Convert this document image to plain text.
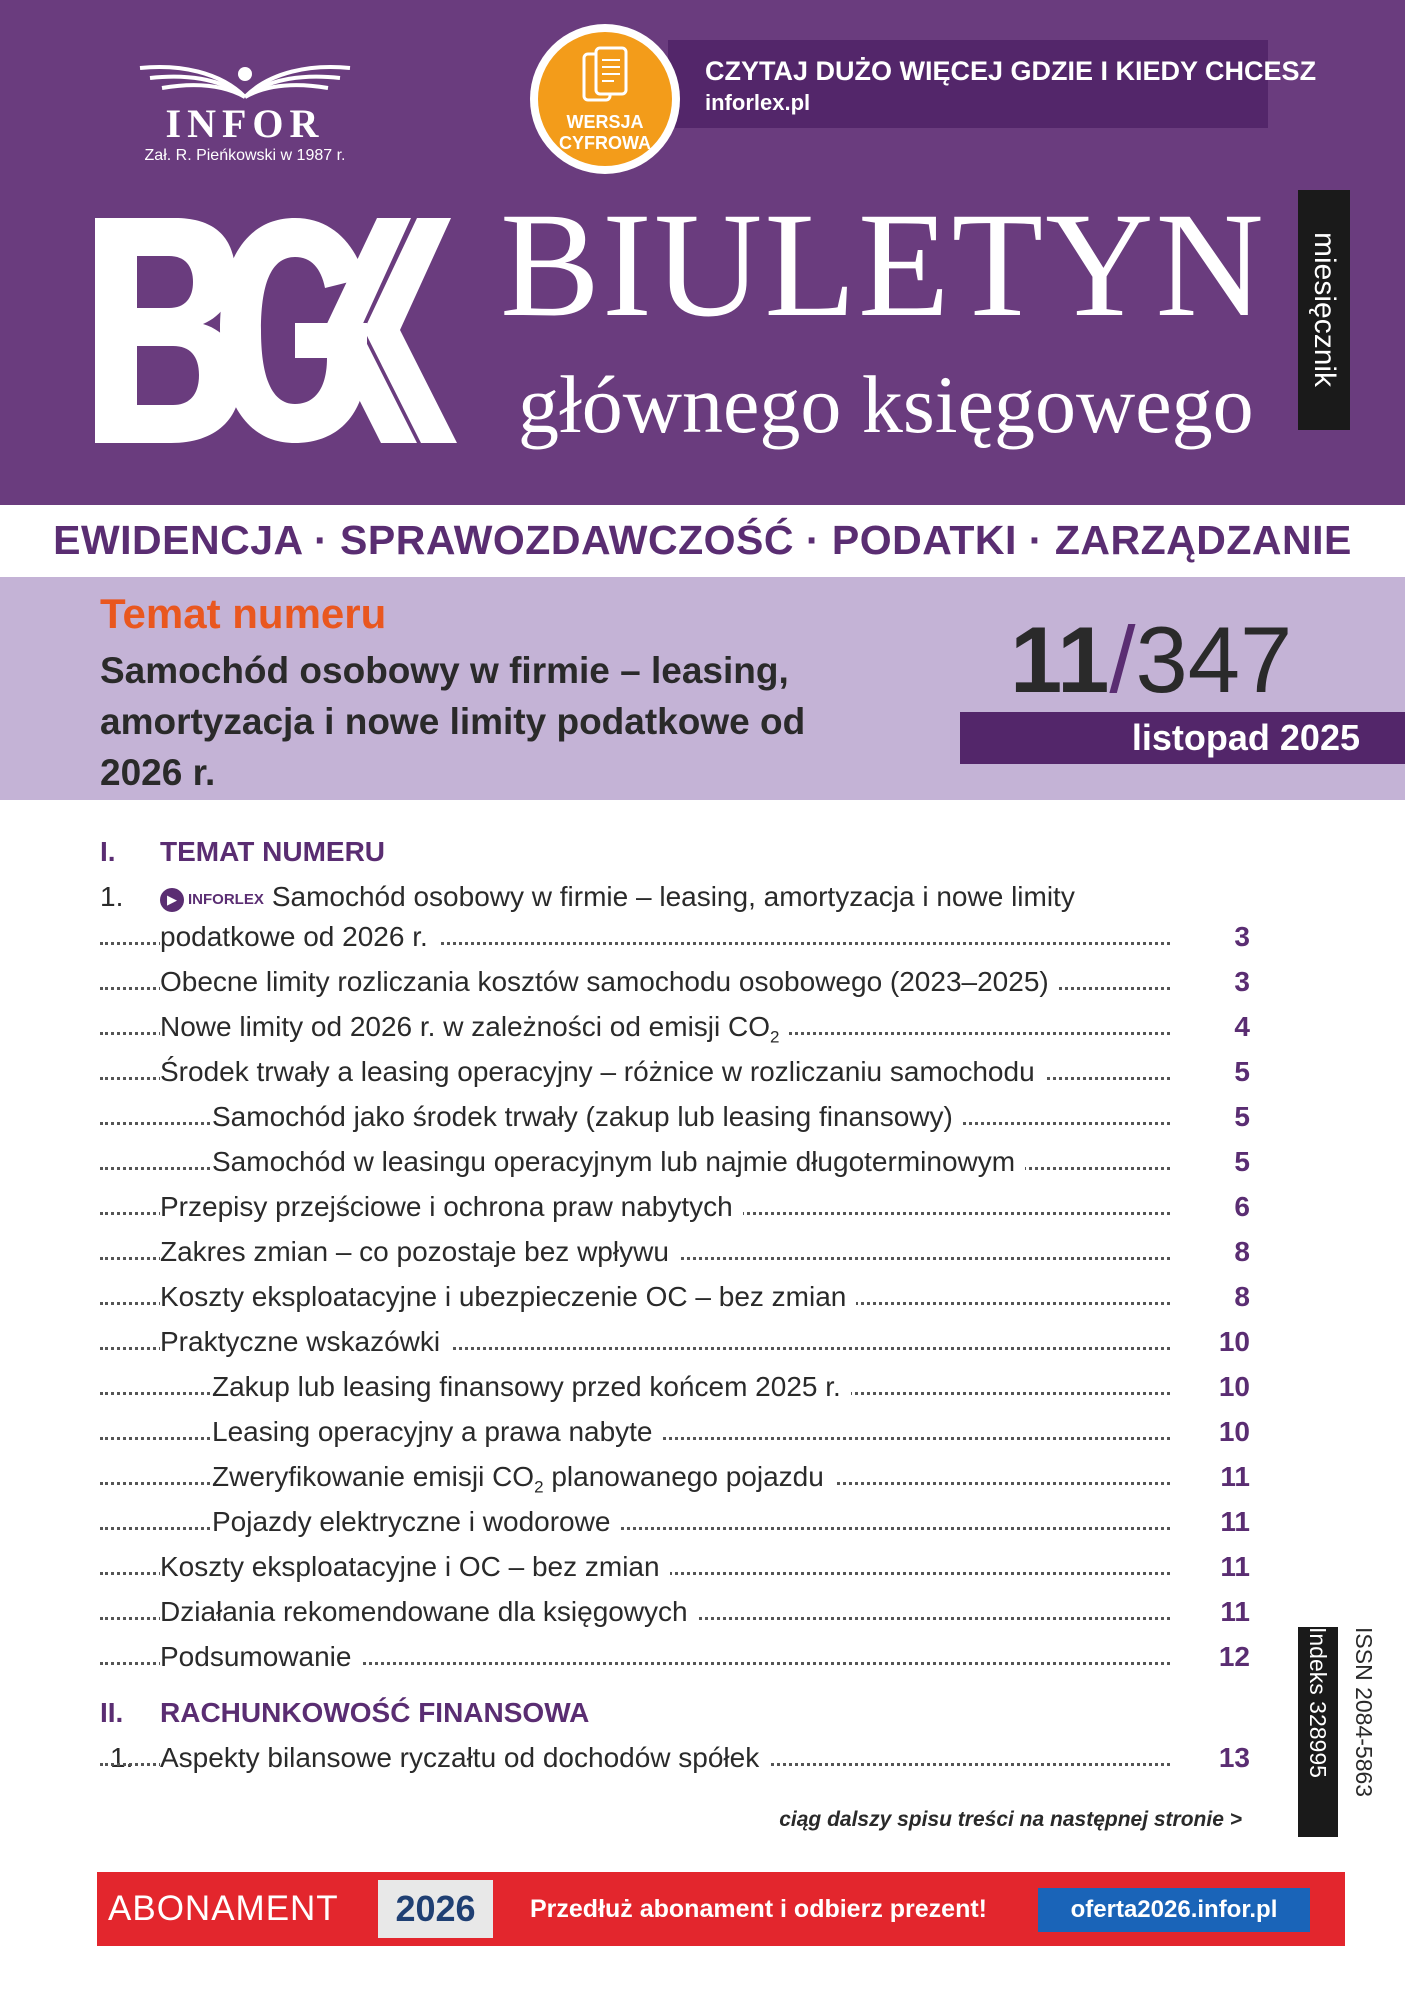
INFOR
Zał. R. Pieńkowski w 1987 r.
CZYTAJ DUŻO WIĘCEJ GDZIE I KIEDY CHCESZ
inforlex.pl
WERSJA
CYFROWA
BIULETYN
głównego księgowego
miesięcznik
EWIDENCJA · SPRAWOZDAWCZOŚĆ · PODATKI · ZARZĄDZANIE
Temat numeru
Samochód osobowy w firmie – leasing, amortyzacja i nowe limity podatkowe od 2026 r.
11/347
listopad 2025
I. TEMAT NUMERU
1.	▶ INFORLEX Samochód osobowy w firmie – leasing, amortyzacja i nowe limity
podatkowe od 2026 r.	3
Obecne limity rozliczania kosztów samochodu osobowego (2023–2025)	3
Nowe limity od 2026 r. w zależności od emisji $CO_2$	4
Środek trwały a leasing operacyjny – różnice w rozliczaniu samochodu	5
Samochód jako środek trwały (zakup lub leasing finansowy)	5
Samochód w leasingu operacyjnym lub najmie długoterminowym	5
Przepisy przejściowe i ochrona praw nabytych	6
Zakres zmian – co pozostaje bez wpływu	8
Koszty eksploatacyjne i ubezpieczenie OC – bez zmian	8
Praktyczne wskazówki	10
Zakup lub leasing finansowy przed końcem 2025 r.	10
Leasing operacyjny a prawa nabyte	10
Zweryfikowanie emisji $CO_2$ planowanego pojazdu	11
Pojazdy elektryczne i wodorowe	11
Koszty eksploatacyjne i OC – bez zmian	11
Działania rekomendowane dla księgowych	11
Podsumowanie	12
II. RACHUNKOWOŚĆ FINANSOWA
1. Aspekty bilansowe ryczałtu od dochodów spółek	13
ciąg dalszy spisu treści na następnej stronie >
Indeks 328995 ISSN 2084-5863
ABONAMENT	2026	Przedłuż abonament i odbierz prezent!	oferta2026.infor.pl
